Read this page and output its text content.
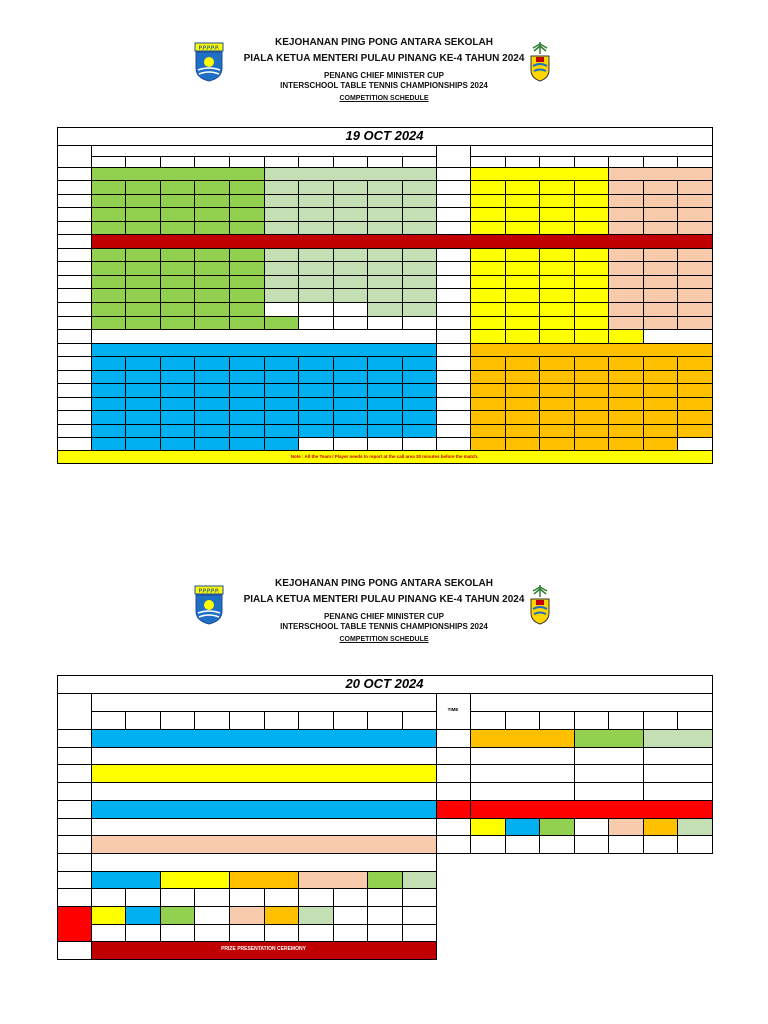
KEJOHANAN PING PONG ANTARA SEKOLAH
PIALA KETUA MENTERI PULAU PINANG KE-4 TAHUN 2024
PENANG CHIEF MINISTER CUP
INTERSCHOOL TABLE TENNIS CHAMPIONSHIPS 2024
COMPETITION SCHEDULE
KEJOHANAN PING PONG ANTARA SEKOLAH
PIALA KETUA MENTERI PULAU PINANG KE-4 TAHUN 2024
PENANG CHIEF MINISTER CUP
INTERSCHOOL TABLE TENNIS CHAMPIONSHIPS 2024
COMPETITION SCHEDULE
P.P.P.P.P.
P.P.P.P.P.
19 OCT 2024
20 OCT 2024
Note : All the Team / Player needs to report at the call area 30 minutes before the match.
TIME
PRIZE PRESENTATION CEREMONY
